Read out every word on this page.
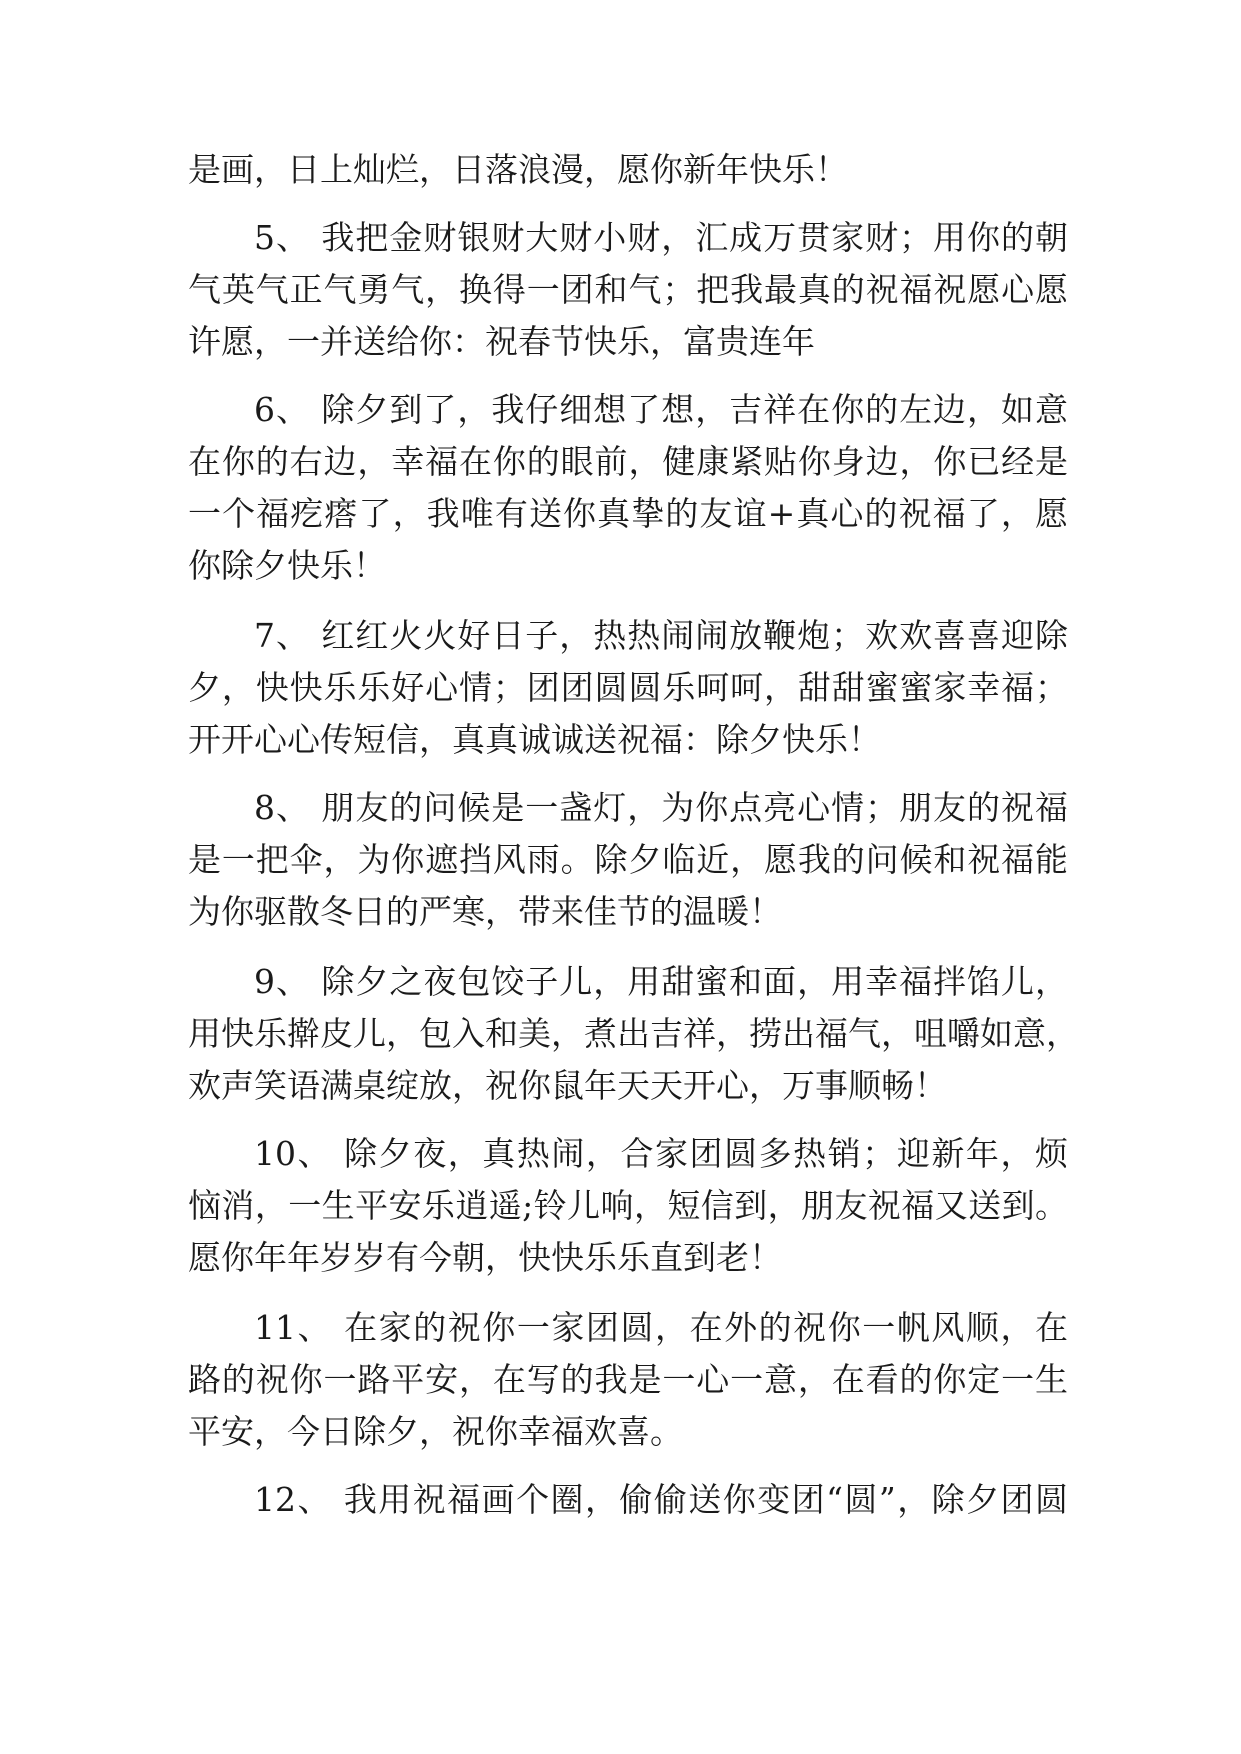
是画，日上灿烂，日落浪漫，愿你新年快乐！
5、 我把金财银财大财小财，汇成万贯家财；用你的朝
气英气正气勇气，换得一团和气；把我最真的祝福祝愿心愿
许愿，一并送给你：祝春节快乐，富贵连年
6、 除夕到了，我仔细想了想，吉祥在你的左边，如意
在你的右边，幸福在你的眼前，健康紧贴你身边，你已经是
一个福疙瘩了，我唯有送你真挚的友谊+真心的祝福了，愿
你除夕快乐！
7、 红红火火好日子，热热闹闹放鞭炮；欢欢喜喜迎除
夕，快快乐乐好心情；团团圆圆乐呵呵，甜甜蜜蜜家幸福；
开开心心传短信，真真诚诚送祝福：除夕快乐！
8、 朋友的问候是一盏灯，为你点亮心情；朋友的祝福
是一把伞，为你遮挡风雨。除夕临近，愿我的问候和祝福能
为你驱散冬日的严寒，带来佳节的温暖！
9、 除夕之夜包饺子儿，用甜蜜和面，用幸福拌馅儿，
用快乐擀皮儿，包入和美，煮出吉祥，捞出福气，咀嚼如意，
欢声笑语满桌绽放，祝你鼠年天天开心，万事顺畅！
10、 除夕夜，真热闹，合家团圆多热销；迎新年，烦
恼消，一生平安乐逍遥;铃儿响，短信到，朋友祝福又送到。
愿你年年岁岁有今朝，快快乐乐直到老！
11、 在家的祝你一家团圆，在外的祝你一帆风顺，在
路的祝你一路平安，在写的我是一心一意，在看的你定一生
平安，今日除夕，祝你幸福欢喜。
12、 我用祝福画个圈，偷偷送你变团“圆”，除夕团圆
